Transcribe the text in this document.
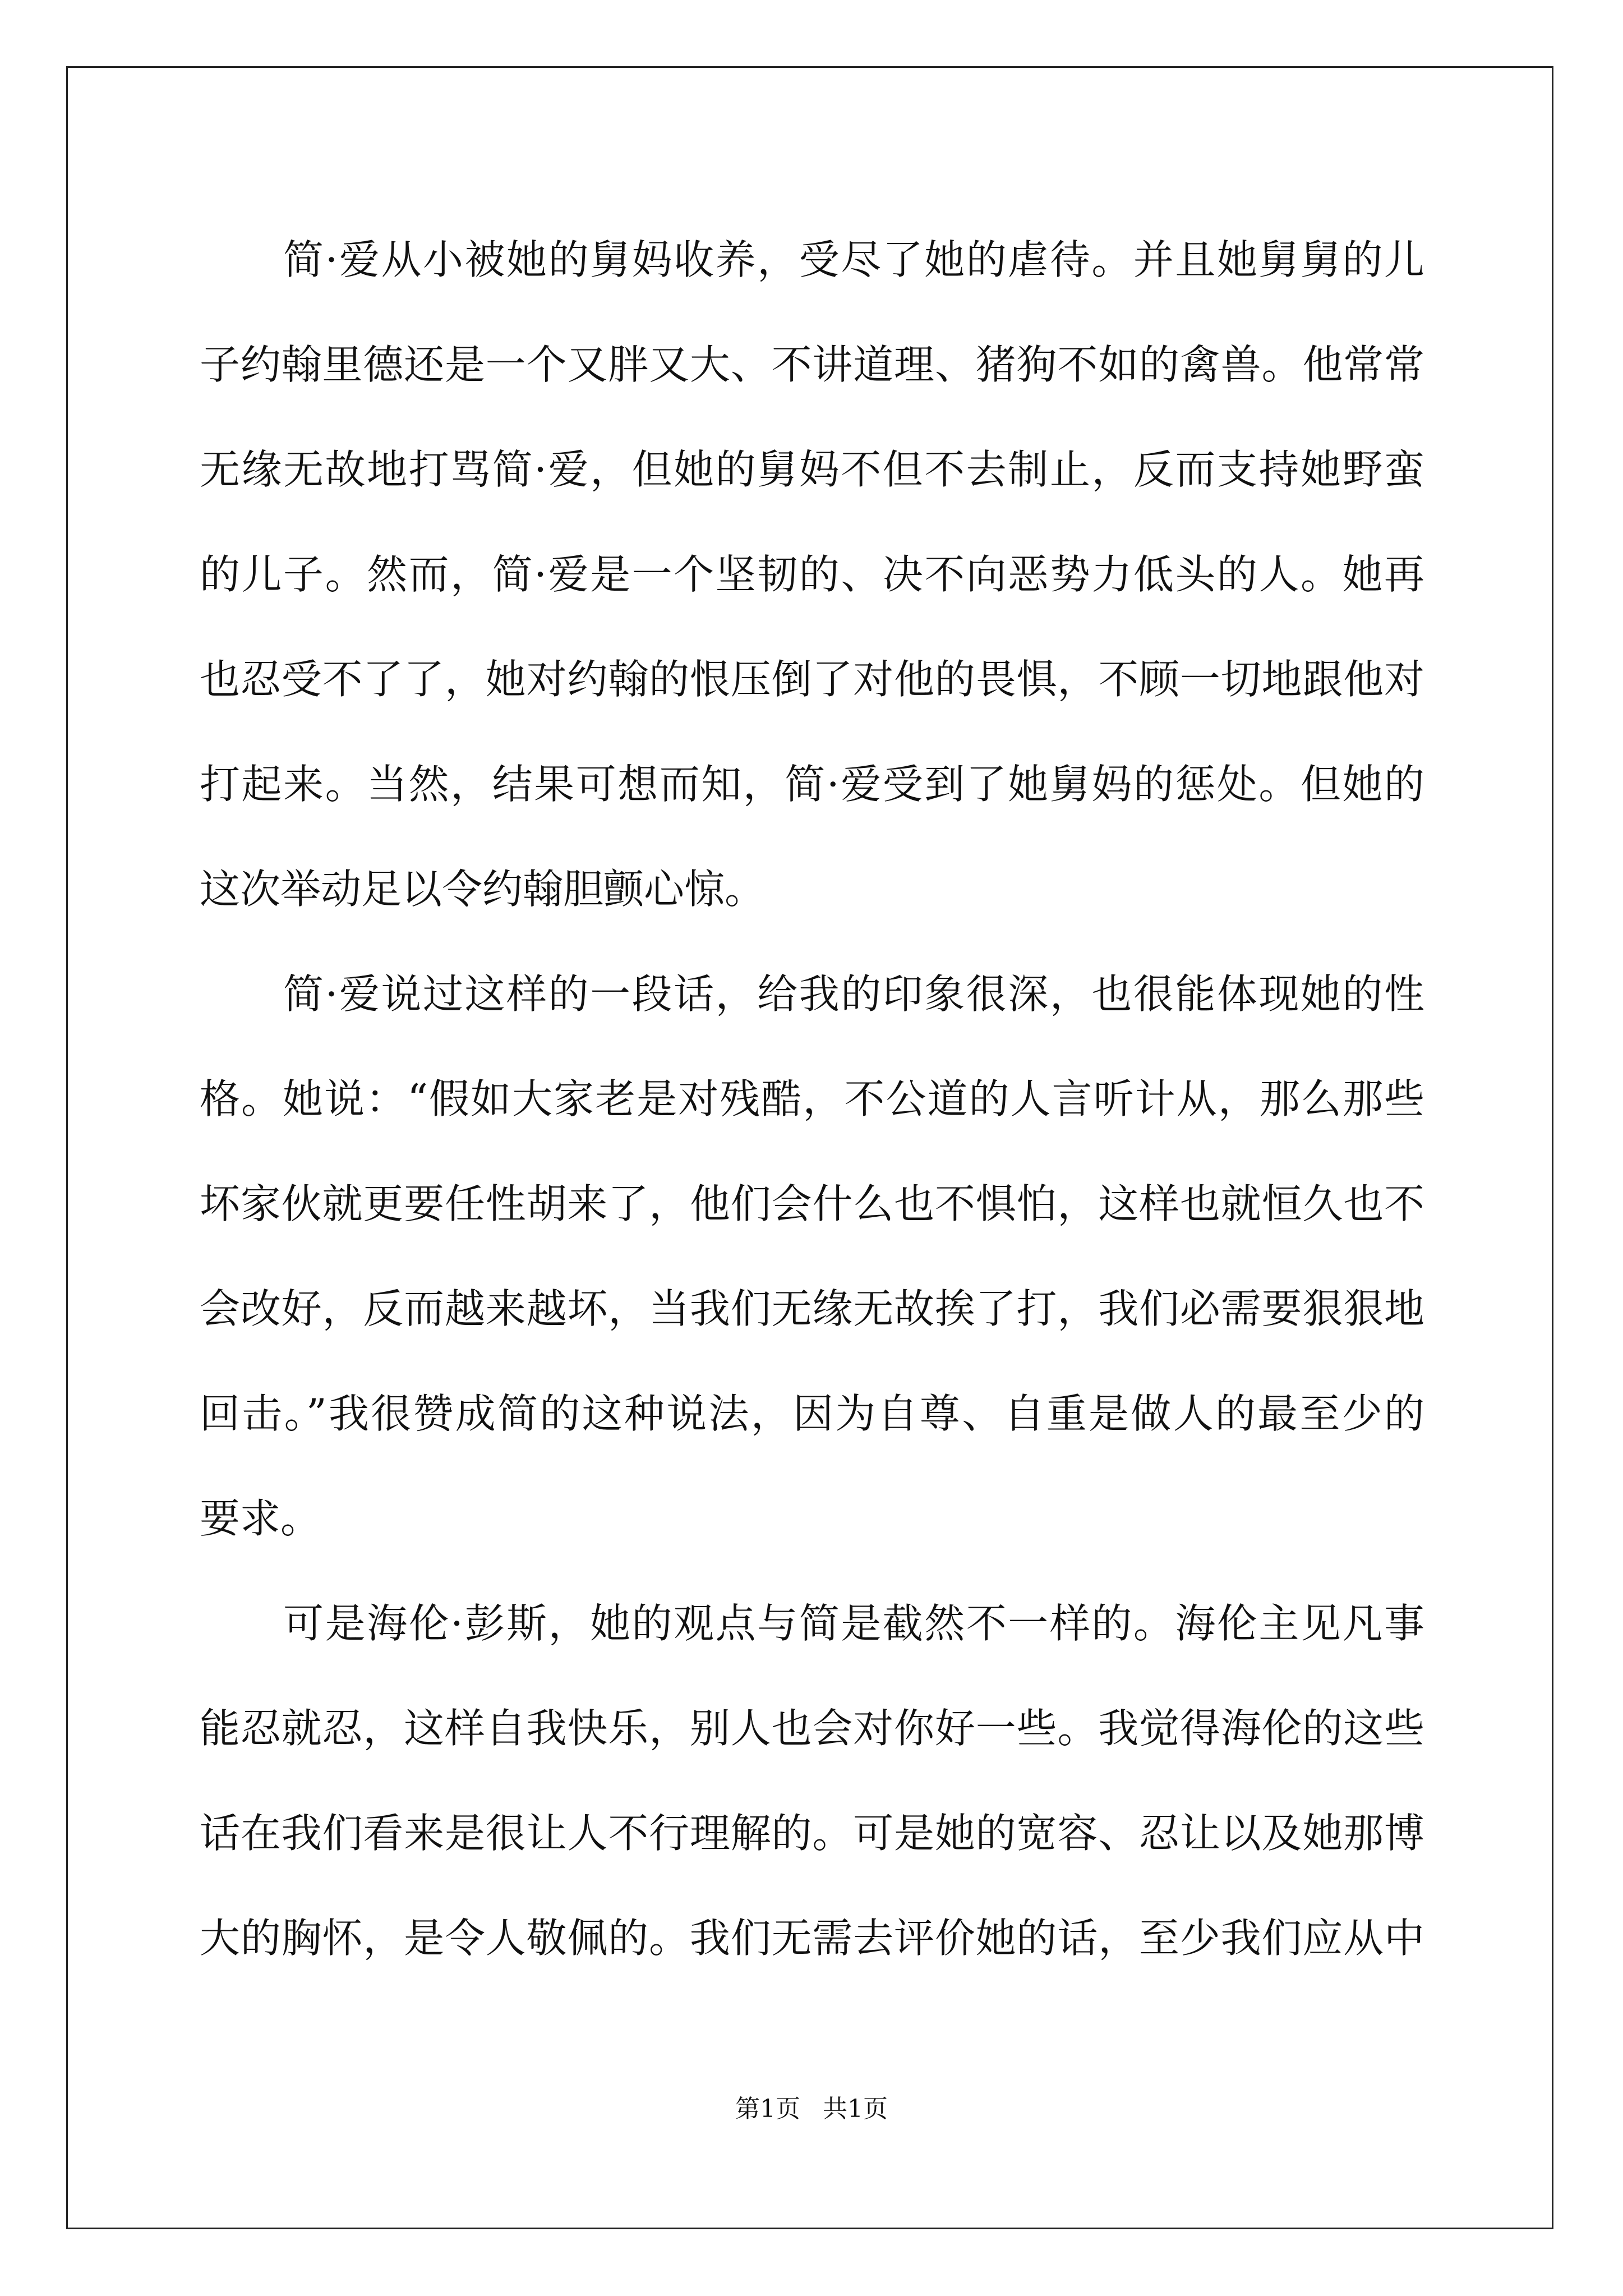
　　简·爱从小被她的舅妈收养，受尽了她的虐待。并且她舅舅的儿
子约翰里德还是一个又胖又大、不讲道理、猪狗不如的禽兽。他常常
无缘无故地打骂简·爱，但她的舅妈不但不去制止，反而支持她野蛮
的儿子。然而，简·爱是一个坚韧的、决不向恶势力低头的人。她再
也忍受不了了，她对约翰的恨压倒了对他的畏惧，不顾一切地跟他对
打起来。当然，结果可想而知，简·爱受到了她舅妈的惩处。但她的
这次举动足以令约翰胆颤心惊。
　　简·爱说过这样的一段话，给我的印象很深，也很能体现她的性
格。她说：“假如大家老是对残酷，不公道的人言听计从，那么那些
坏家伙就更要任性胡来了，他们会什么也不惧怕，这样也就恒久也不
会改好，反而越来越坏，当我们无缘无故挨了打，我们必需要狠狠地
回击。”我很赞成简的这种说法，因为自尊、自重是做人的最至少的
要求。
　　可是海伦·彭斯，她的观点与简是截然不一样的。海伦主见凡事
能忍就忍，这样自我快乐，别人也会对你好一些。我觉得海伦的这些
话在我们看来是很让人不行理解的。可是她的宽容、忍让以及她那博
大的胸怀，是令人敬佩的。我们无需去评价她的话，至少我们应从中
第1页 共1页
